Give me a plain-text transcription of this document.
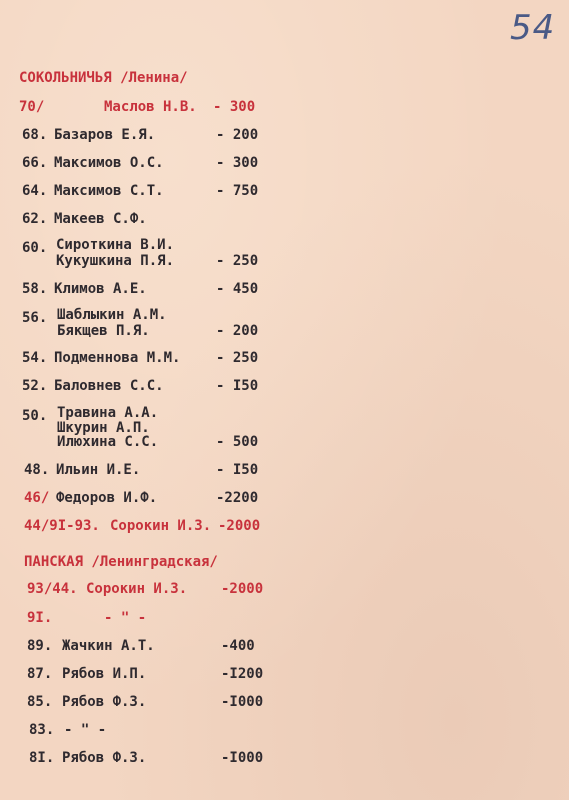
54
СОКОЛЬНИЧЬЯ /Ленина/
70/	Маслов Н.В. - 300
68. Базаров Е.Я.	- 200
66. Максимов О.С.	- 300
64. Максимов С.Т.	- 750
62. Макеев С.Ф.
60. Сироткина В.И.
Кукушкина П.Я.	- 250
58. Климов А.Е.	- 450
56. Шаблыкин А.М.
Бякщев П.Я.	- 200
54. Подменнова М.М.	- 250
52. Баловнев С.С.	- I50
50. Травина А.А.
Шкурин А.П.
Илюхина С.С.	- 500
48. Ильин И.Е.	- I50
46/ Федоров И.Ф.	-2200
44/9I-93. Сорокин И.З. -2000
ПАНСКАЯ /Ленинградская/
93/44. Сорокин И.З. -2000
9I.	- " -
89. Жачкин А.Т.	-400
87. Рябов И.П.	-I200
85. Рябов Ф.З.	-I000
83. - " -
8I. Рябов Ф.З.	-I000
